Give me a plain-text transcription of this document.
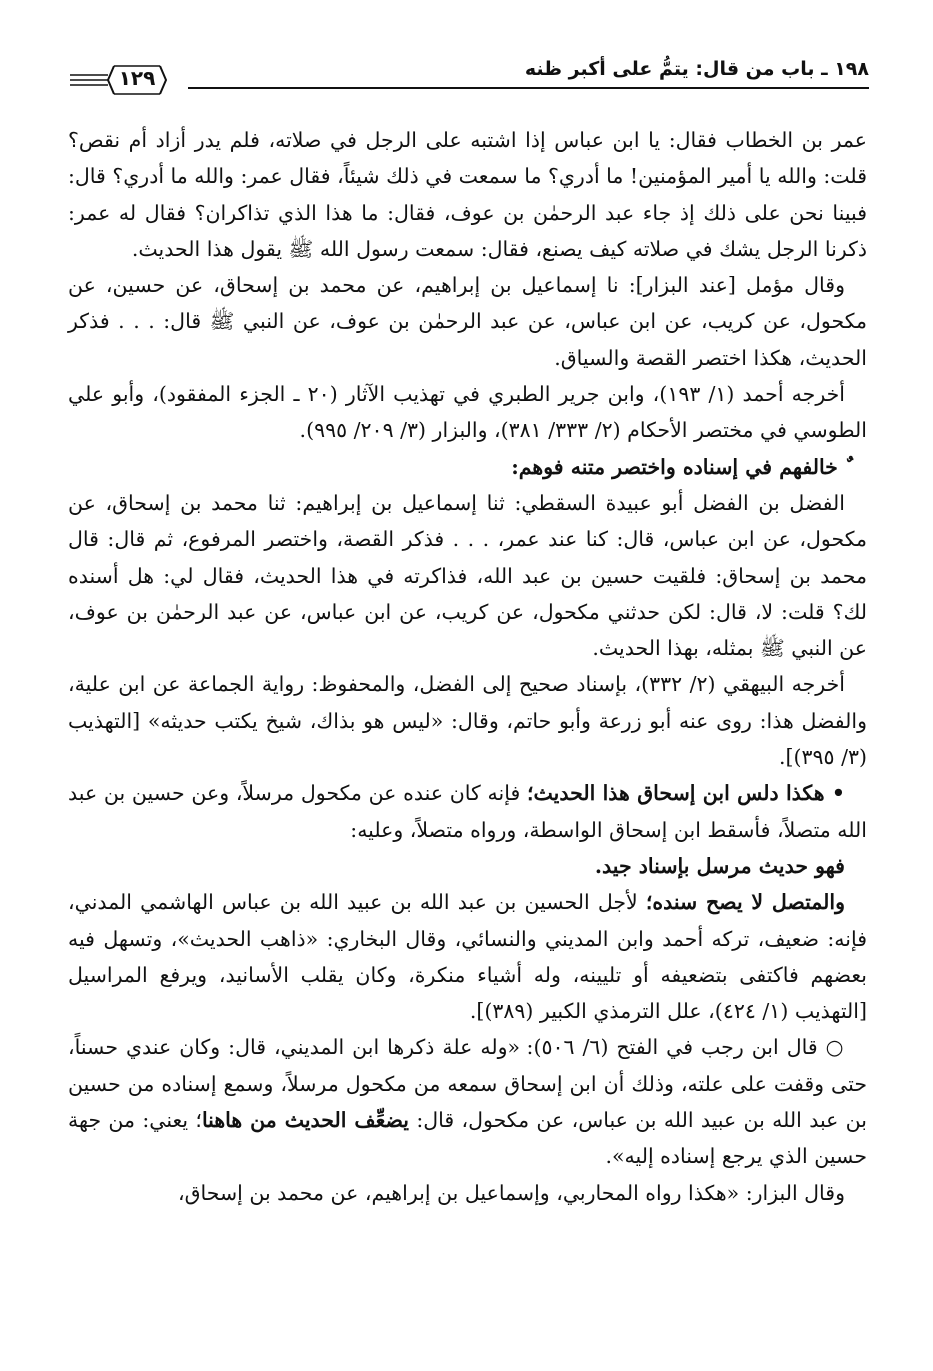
١٢٩	١٩٨ ـ باب من قال: يتمُّ على أكبر ظنه

عمر بن الخطاب فقال: يا ابن عباس إذا اشتبه على الرجل في صلاته، فلم يدر أزاد أم نقص؟ قلت: والله يا أمير المؤمنين! ما أدري؟ ما سمعت في ذلك شيئاً، فقال عمر: والله ما أدري؟ قال: فبينا نحن على ذلك إذ جاء عبد الرحمٰن بن عوف، فقال: ما هذا الذي تذاكران؟ فقال له عمر: ذكرنا الرجل يشك في صلاته كيف يصنع، فقال: سمعت رسول الله ﷺ يقول هذا الحديث.

وقال مؤمل [عند البزار]: نا إسماعيل بن إبراهيم، عن محمد بن إسحاق، عن حسين، عن مكحول، عن كريب، عن ابن عباس، عن عبد الرحمٰن بن عوف، عن النبي ﷺ قال: . . . فذكر الحديث، هكذا اختصر القصة والسياق.

أخرجه أحمد (١/ ١٩٣)، وابن جرير الطبري في تهذيب الآثار (٢٠ ـ الجزء المفقود)، وأبو علي الطوسي في مختصر الأحكام (٢/ ٣٣٣/ ٣٨١)، والبزار (٣/ ٢٠٩/ ٩٩٥).

ٌ خالفهم في إسناده واختصر متنه فوهم:

الفضل بن الفضل أبو عبيدة السقطي: ثنا إسماعيل بن إبراهيم: ثنا محمد بن إسحاق، عن مكحول، عن ابن عباس، قال: كنا عند عمر، . . . فذكر القصة، واختصر المرفوع، ثم قال: قال محمد بن إسحاق: فلقيت حسين بن عبد الله، فذاكرته في هذا الحديث، فقال لي: هل أسنده لك؟ قلت: لا، قال: لكن حدثني مكحول، عن كريب، عن ابن عباس، عن عبد الرحمٰن بن عوف، عن النبي ﷺ بمثله، بهذا الحديث.

أخرجه البيهقي (٢/ ٣٣٢)، بإسناد صحيح إلى الفضل، والمحفوظ: رواية الجماعة عن ابن علية، والفضل هذا: روى عنه أبو زرعة وأبو حاتم، وقال: «ليس هو بذاك، شيخ يكتب حديثه» [التهذيب (٣/ ٣٩٥)].

• هكذا دلس ابن إسحاق هذا الحديث؛ فإنه كان عنده عن مكحول مرسلاً، وعن حسين بن عبد الله متصلاً، فأسقط ابن إسحاق الواسطة، ورواه متصلاً، وعليه:

فهو حديث مرسل بإسناد جيد.

والمتصل لا يصح سنده؛ لأجل الحسين بن عبد الله بن عبيد الله بن عباس الهاشمي المدني، فإنه: ضعيف، تركه أحمد وابن المديني والنسائي، وقال البخاري: «ذاهب الحديث»، وتسهل فيه بعضهم فاكتفى بتضعيفه أو تليينه، وله أشياء منكرة، وكان يقلب الأسانيد، ويرفع المراسيل [التهذيب (١/ ٤٢٤)، علل الترمذي الكبير (٣٨٩)].

○ قال ابن رجب في الفتح (٦/ ٥٠٦): «وله علة ذكرها ابن المديني، قال: وكان عندي حسناً، حتى وقفت على علته، وذلك أن ابن إسحاق سمعه من مكحول مرسلاً، وسمع إسناده من حسين بن عبد الله بن عبيد الله بن عباس، عن مكحول، قال: يضعِّف الحديث من هاهنا؛ يعني: من جهة حسين الذي يرجع إسناده إليه».

وقال البزار: «هكذا رواه المحاربي، وإسماعيل بن إبراهيم، عن محمد بن إسحاق،
